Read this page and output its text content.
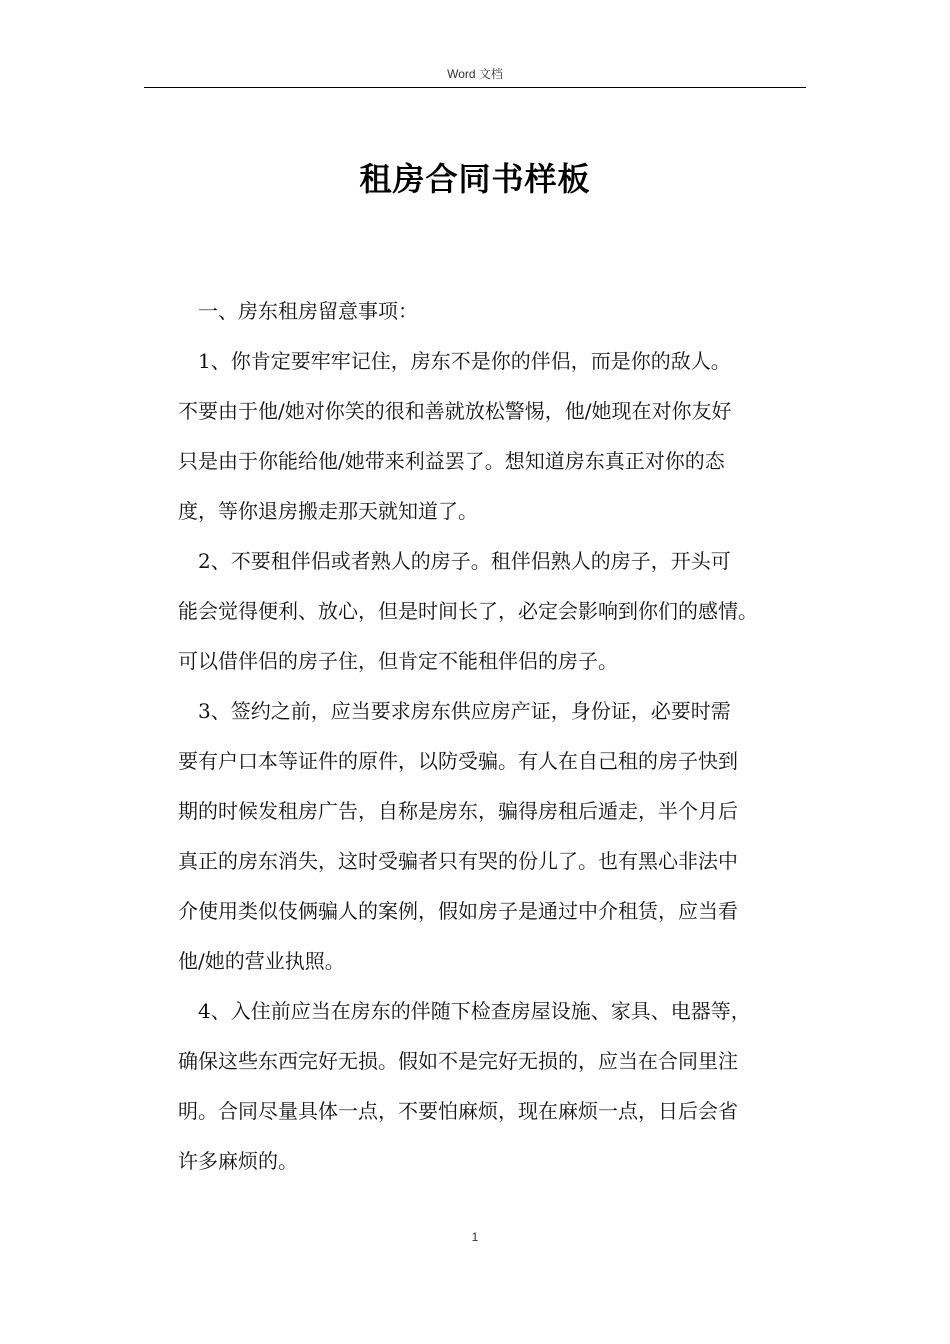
Word 文档
租房合同书样板

一、房东租房留意事项：

1、你肯定要牢牢记住，房东不是你的伴侣，而是你的敌人。

不要由于他/她对你笑的很和善就放松警惕，他/她现在对你友好
只是由于你能给他/她带来利益罢了。想知道房东真正对你的态
度，等你退房搬走那天就知道了。

2、不要租伴侣或者熟人的房子。租伴侣熟人的房子，开头可

能会觉得便利、放心，但是时间长了，必定会影响到你们的感情。
可以借伴侣的房子住，但肯定不能租伴侣的房子。

3、签约之前，应当要求房东供应房产证，身份证，必要时需

要有户口本等证件的原件，以防受骗。有人在自己租的房子快到
期的时候发租房广告，自称是房东，骗得房租后遁走，半个月后
真正的房东消失，这时受骗者只有哭的份儿了。也有黑心非法中
介使用类似伎俩骗人的案例，假如房子是通过中介租赁，应当看
他/她的营业执照。

4、入住前应当在房东的伴随下检查房屋设施、家具、电器等，

确保这些东西完好无损。假如不是完好无损的，应当在合同里注
明。合同尽量具体一点，不要怕麻烦，现在麻烦一点，日后会省
许多麻烦的。

1
